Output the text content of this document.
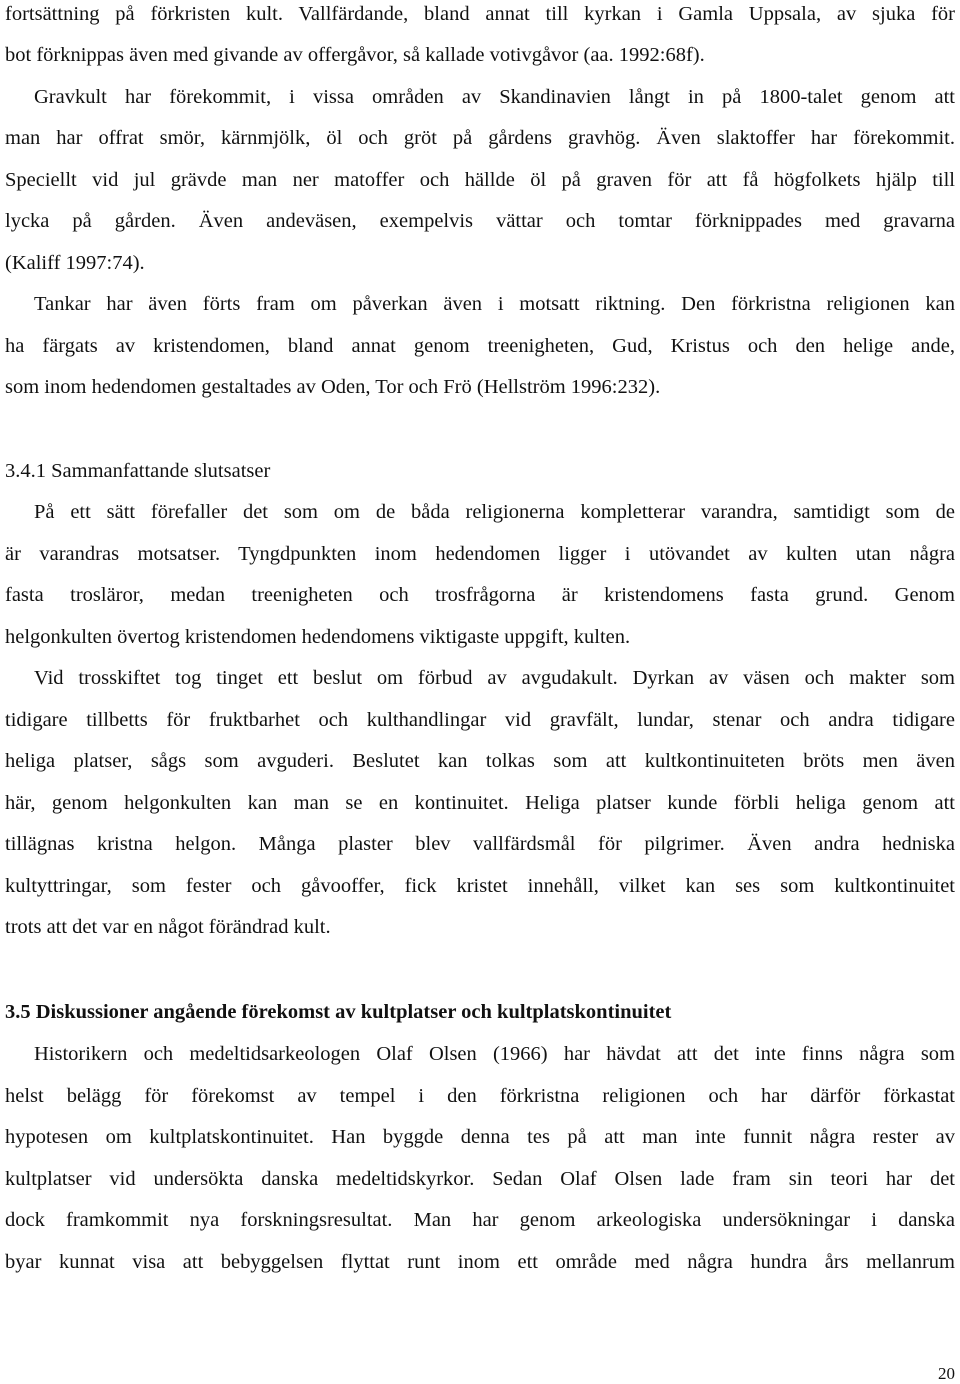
fortsättning på förkristen kult. Vallfärdande, bland annat till kyrkan i Gamla Uppsala, av sjuka för
bot förknippas även med givande av offergåvor, så kallade votivgåvor (aa. 1992:68f).
Gravkult har förekommit, i vissa områden av Skandinavien långt in på 1800-talet genom att
man har offrat smör, kärnmjölk, öl och gröt på gårdens gravhög. Även slaktoffer har förekommit.
Speciellt vid jul grävde man ner matoffer och hällde öl på graven för att få högfolkets hjälp till
lycka på gården. Även andeväsen, exempelvis vättar och tomtar förknippades med gravarna
(Kaliff 1997:74).
Tankar har även förts fram om påverkan även i motsatt riktning. Den förkristna religionen kan
ha färgats av kristendomen, bland annat genom treenigheten, Gud, Kristus och den helige ande,
som inom hedendomen gestaltades av Oden, Tor och Frö (Hellström 1996:232).
3.4.1 Sammanfattande slutsatser
På ett sätt förefaller det som om de båda religionerna kompletterar varandra, samtidigt som de
är varandras motsatser. Tyngdpunkten inom hedendomen ligger i utövandet av kulten utan några
fasta trosläror, medan treenigheten och trosfrågorna är kristendomens fasta grund. Genom
helgonkulten övertog kristendomen hedendomens viktigaste uppgift, kulten.
Vid trosskiftet tog tinget ett beslut om förbud av avgudakult. Dyrkan av väsen och makter som
tidigare tillbetts för fruktbarhet och kulthandlingar vid gravfält, lundar, stenar och andra tidigare
heliga platser, sågs som avguderi. Beslutet kan tolkas som att kultkontinuiteten bröts men även
här, genom helgonkulten kan man se en kontinuitet. Heliga platser kunde förbli heliga genom att
tillägnas kristna helgon. Många plaster blev vallfärdsmål för pilgrimer. Även andra hedniska
kultyttringar, som fester och gåvooffer, fick kristet innehåll, vilket kan ses som kultkontinuitet
trots att det var en något förändrad kult.
3.5 Diskussioner angående förekomst av kultplatser och kultplatskontinuitet
Historikern och medeltidsarkeologen Olaf Olsen (1966) har hävdat att det inte finns några som
helst belägg för förekomst av tempel i den förkristna religionen och har därför förkastat
hypotesen om kultplatskontinuitet. Han byggde denna tes på att man inte funnit några rester av
kultplatser vid undersökta danska medeltidskyrkor. Sedan Olaf Olsen lade fram sin teori har det
dock framkommit nya forskningsresultat. Man har genom arkeologiska undersökningar i danska
byar kunnat visa att bebyggelsen flyttat runt inom ett område med några hundra års mellanrum
20
